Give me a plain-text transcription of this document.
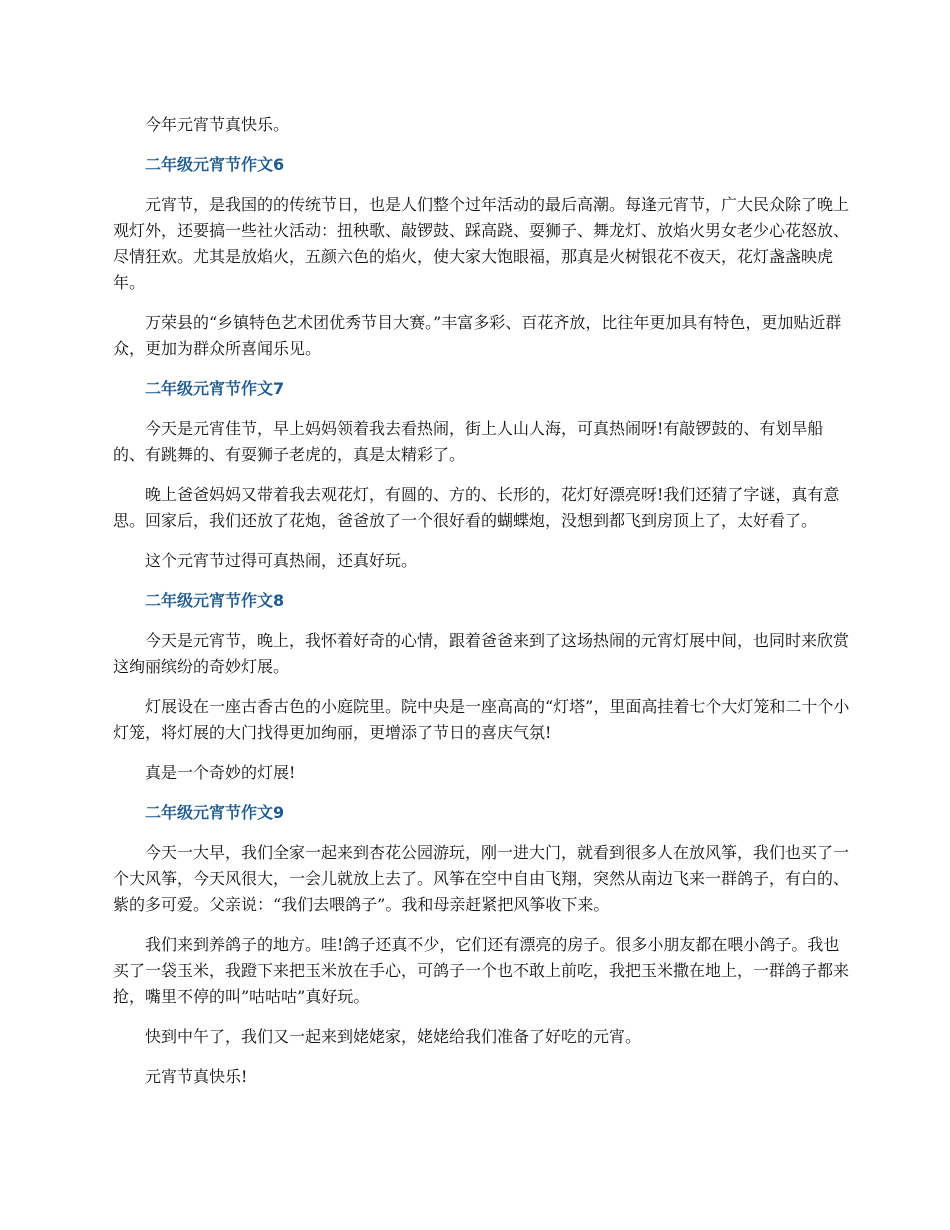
今年元宵节真快乐。

二年级元宵节作文6

元宵节，是我国的的传统节日，也是人们整个过年活动的最后高潮。每逢元宵节，广大民众除了晚上观灯外，还要搞一些社火活动：扭秧歌、敲锣鼓、踩高跷、耍狮子、舞龙灯、放焰火男女老少心花怒放、尽情狂欢。尤其是放焰火，五颜六色的焰火，使大家大饱眼福，那真是火树银花不夜天，花灯盏盏映虎年。

万荣县的“乡镇特色艺术团优秀节目大赛。”丰富多彩、百花齐放，比往年更加具有特色，更加贴近群众，更加为群众所喜闻乐见。

二年级元宵节作文7

今天是元宵佳节，早上妈妈领着我去看热闹，街上人山人海，可真热闹呀!有敲锣鼓的、有划旱船的、有跳舞的、有耍狮子老虎的，真是太精彩了。

晚上爸爸妈妈又带着我去观花灯，有圆的、方的、长形的，花灯好漂亮呀!我们还猜了字谜，真有意思。回家后，我们还放了花炮，爸爸放了一个很好看的蝴蝶炮，没想到都飞到房顶上了，太好看了。

这个元宵节过得可真热闹，还真好玩。

二年级元宵节作文8

今天是元宵节，晚上，我怀着好奇的心情，跟着爸爸来到了这场热闹的元宵灯展中间，也同时来欣赏这绚丽缤纷的奇妙灯展。

灯展设在一座古香古色的小庭院里。院中央是一座高高的“灯塔”，里面高挂着七个大灯笼和二十个小灯笼，将灯展的大门找得更加绚丽，更增添了节日的喜庆气氛!

真是一个奇妙的灯展!

二年级元宵节作文9

今天一大早，我们全家一起来到杏花公园游玩，刚一进大门，就看到很多人在放风筝，我们也买了一个大风筝，今天风很大，一会儿就放上去了。风筝在空中自由飞翔，突然从南边飞来一群鸽子，有白的、紫的多可爱。父亲说：“我们去喂鸽子”。我和母亲赶紧把风筝收下来。

我们来到养鸽子的地方。哇!鸽子还真不少，它们还有漂亮的房子。很多小朋友都在喂小鸽子。我也买了一袋玉米，我蹬下来把玉米放在手心，可鸽子一个也不敢上前吃，我把玉米撒在地上，一群鸽子都来抢，嘴里不停的叫”咕咕咕”真好玩。

快到中午了，我们又一起来到姥姥家，姥姥给我们准备了好吃的元宵。

元宵节真快乐!
